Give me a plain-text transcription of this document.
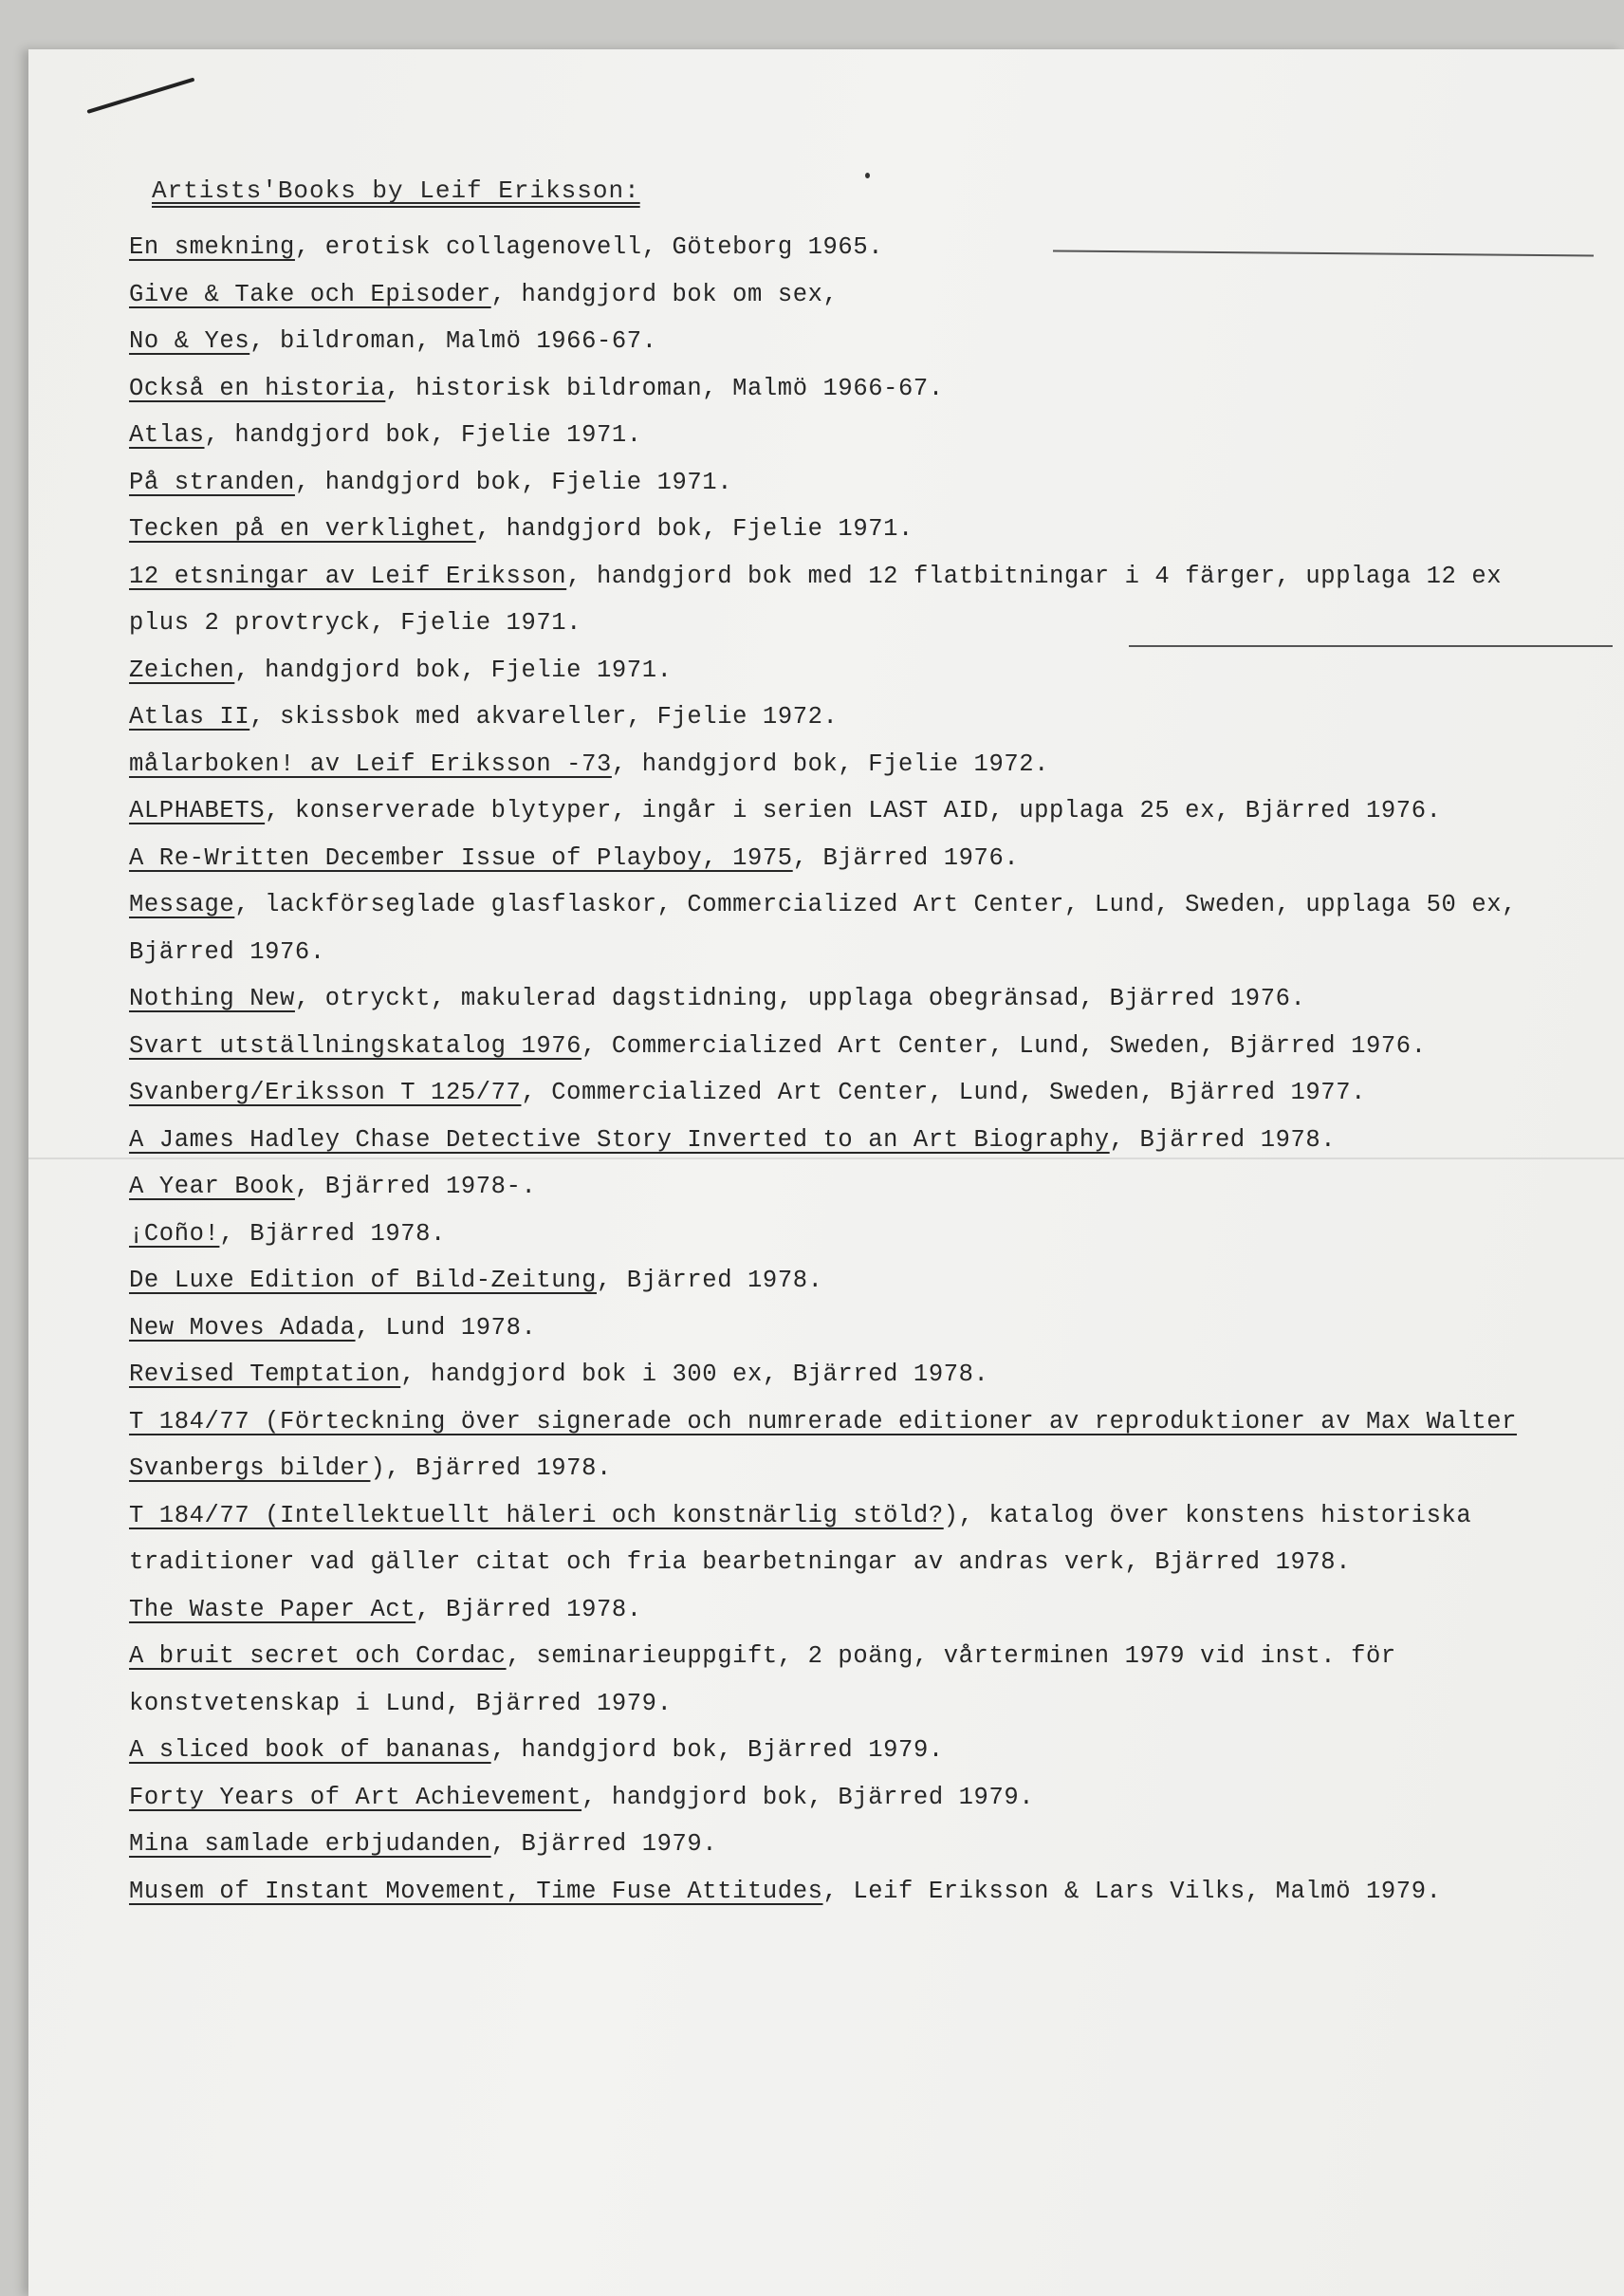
Artists'Books by Leif Eriksson:

En smekning, erotisk collagenovell, Göteborg 1965.

Give & Take och Episoder, handgjord bok om sex,

No & Yes, bildroman, Malmö 1966-67.

Också en historia, historisk bildroman, Malmö 1966-67.

Atlas, handgjord bok, Fjelie 1971.

På stranden, handgjord bok, Fjelie 1971.

Tecken på en verklighet, handgjord bok, Fjelie 1971.

12 etsningar av Leif Eriksson, handgjord bok med 12 flatbitningar i 4 färger, upplaga 12 ex plus 2 provtryck, Fjelie 1971.

Zeichen, handgjord bok, Fjelie 1971.

Atlas II, skissbok med akvareller, Fjelie 1972.

målarboken! av Leif Eriksson -73, handgjord bok, Fjelie 1972.

ALPHABETS, konserverade blytyper, ingår i serien LAST AID, upplaga 25 ex, Bjärred 1976.

A Re-Written December Issue of Playboy, 1975, Bjärred 1976.

Message, lackförseglade glasflaskor, Commercialized Art Center, Lund, Sweden, upplaga 50 ex, Bjärred 1976.

Nothing New, otryckt, makulerad dagstidning, upplaga obegränsad, Bjärred 1976.

Svart utställningskatalog 1976, Commercialized Art Center, Lund, Sweden, Bjärred 1976.

Svanberg/Eriksson T 125/77, Commercialized Art Center, Lund, Sweden, Bjärred 1977.

A James Hadley Chase Detective Story Inverted to an Art Biography, Bjärred 1978.

A Year Book, Bjärred 1978-.

¡Coño!, Bjärred 1978.

De Luxe Edition of Bild-Zeitung, Bjärred 1978.

New Moves Adada, Lund 1978.

Revised Temptation, handgjord bok i 300 ex, Bjärred 1978.

T 184/77 (Förteckning över signerade och numrerade editioner av reproduktioner av Max Walter Svanbergs bilder), Bjärred 1978.

T 184/77 (Intellektuellt häleri och konstnärlig stöld?), katalog över konstens historiska traditioner vad gäller citat och fria bearbetningar av andras verk, Bjärred 1978.

The Waste Paper Act, Bjärred 1978.

A bruit secret och Cordac, seminarieuppgift, 2 poäng, vårterminen 1979 vid inst. för konstvetenskap i Lund, Bjärred 1979.

A sliced book of bananas, handgjord bok, Bjärred 1979.

Forty Years of Art Achievement, handgjord bok, Bjärred 1979.

Mina samlade erbjudanden, Bjärred 1979.

Musem of Instant Movement, Time Fuse Attitudes, Leif Eriksson & Lars Vilks, Malmö 1979.
